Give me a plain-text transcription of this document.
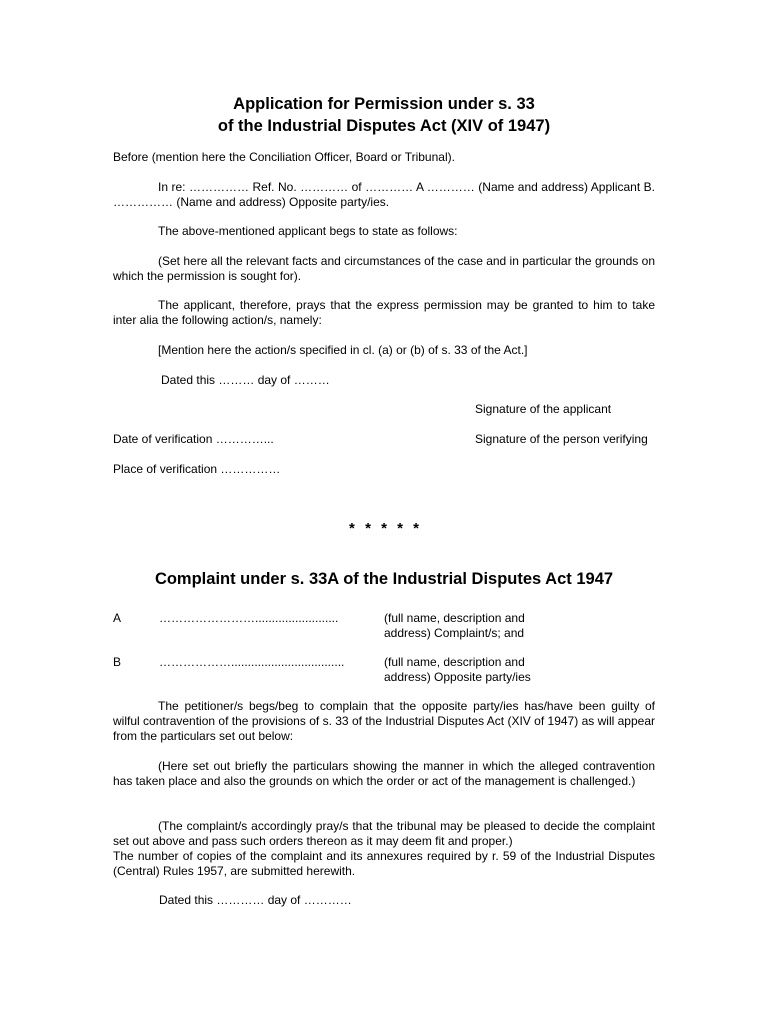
Application for Permission under s. 33
of the Industrial Disputes Act (XIV of 1947)

Before (mention here the Conciliation Officer, Board or Tribunal).

In re: …………… Ref. No. ………… of ………… A ………… (Name and address) Applicant B. …………… (Name and address) Opposite party/ies.

The above-mentioned applicant begs to state as follows:

(Set here all the relevant facts and circumstances of the case and in particular the grounds on which the permission is sought for).

The applicant, therefore, prays that the express permission may be granted to him to take inter alia the following action/s, namely:

[Mention here the action/s specified in cl. (a) or (b) of s. 33 of the Act.]

Dated this ……… day of ………
Signature of the applicant
Date of verification …………...	Signature of the person verifying
Place of verification ……………
* * * * *
Complaint under s. 33A of the Industrial Disputes Act 1947
A	…………………….........................	(full name, description and
address) Complaint/s; and
B	………………..................................	(full name, description and
address) Opposite party/ies

The petitioner/s begs/beg to complain that the opposite party/ies has/have been guilty of wilful contravention of the provisions of s. 33 of the Industrial Disputes Act (XIV of 1947) as will appear from the particulars set out below:

(Here set out briefly the particulars showing the manner in which the alleged contravention has taken place and also the grounds on which the order or act of the management is challenged.)

(The complaint/s accordingly pray/s that the tribunal may be pleased to decide the complaint set out above and pass such orders thereon as it may deem fit and proper.)

The number of copies of the complaint and its annexures required by r. 59 of the Industrial Disputes (Central) Rules 1957, are submitted herewith.

Dated this ………… day of …………
